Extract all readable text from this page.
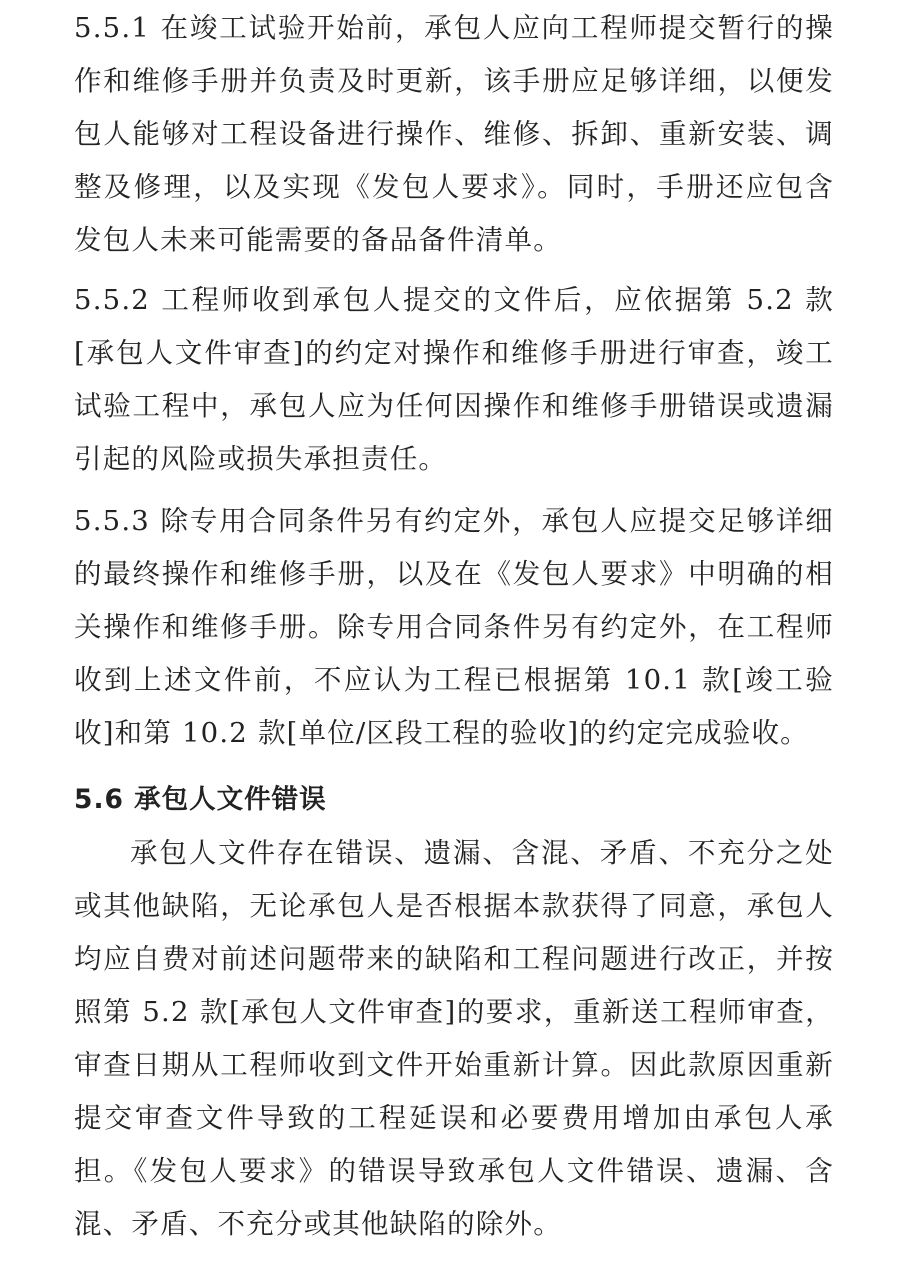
5.5.1 在竣工试验开始前，承包人应向工程师提交暂行的操作和维修手册并负责及时更新，该手册应足够详细，以便发包人能够对工程设备进行操作、维修、拆卸、重新安装、调整及修理，以及实现《发包人要求》。同时，手册还应包含发包人未来可能需要的备品备件清单。

5.5.2 工程师收到承包人提交的文件后，应依据第 5.2 款[承包人文件审查]的约定对操作和维修手册进行审查，竣工试验工程中，承包人应为任何因操作和维修手册错误或遗漏引起的风险或损失承担责任。

5.5.3 除专用合同条件另有约定外，承包人应提交足够详细的最终操作和维修手册，以及在《发包人要求》中明确的相关操作和维修手册。除专用合同条件另有约定外，在工程师收到上述文件前，不应认为工程已根据第 10.1 款[竣工验收]和第 10.2 款[单位/区段工程的验收]的约定完成验收。

5.6 承包人文件错误

承包人文件存在错误、遗漏、含混、矛盾、不充分之处或其他缺陷，无论承包人是否根据本款获得了同意，承包人均应自费对前述问题带来的缺陷和工程问题进行改正，并按照第 5.2 款[承包人文件审查]的要求，重新送工程师审查，审查日期从工程师收到文件开始重新计算。因此款原因重新提交审查文件导致的工程延误和必要费用增加由承包人承担。《发包人要求》的错误导致承包人文件错误、遗漏、含混、矛盾、不充分或其他缺陷的除外。
